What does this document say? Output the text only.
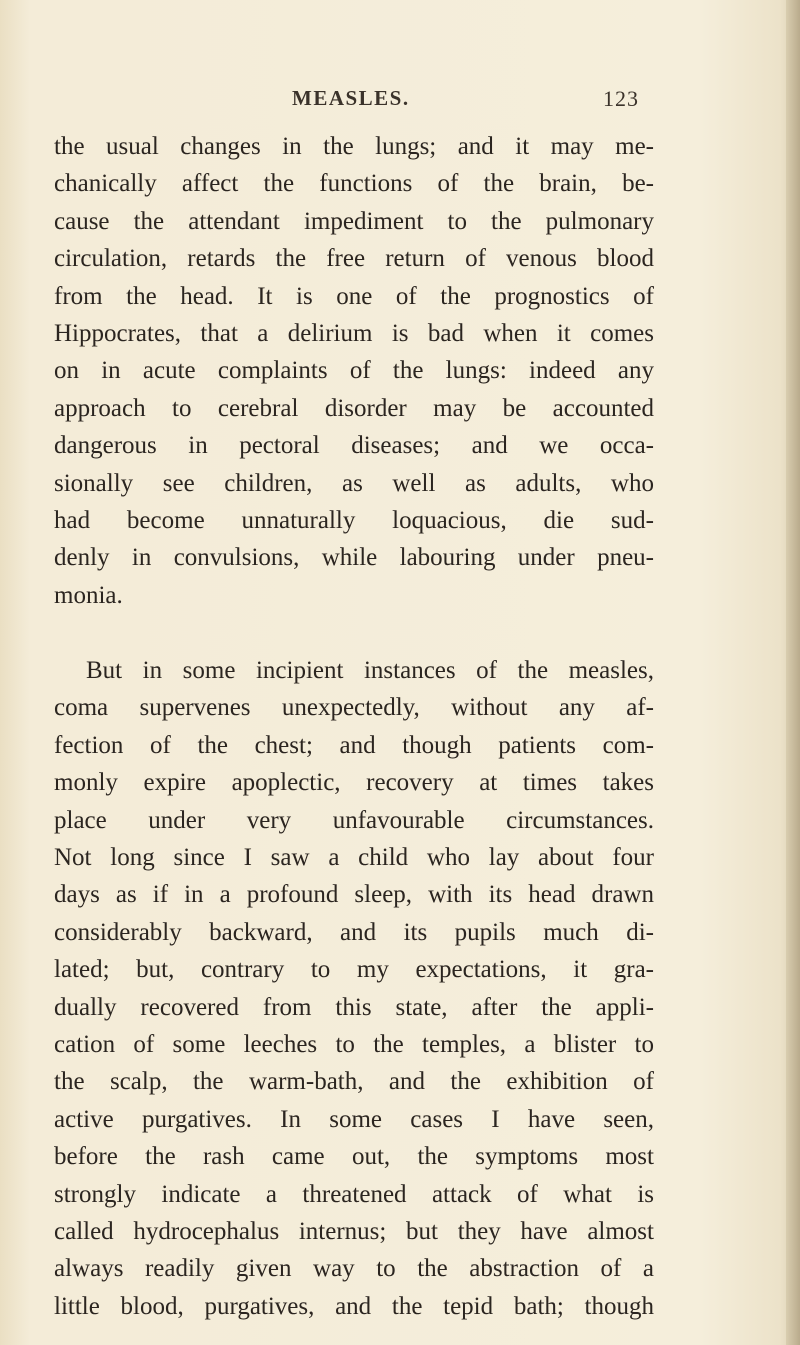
MEASLES.	123
the usual changes in the lungs; and it may me-
chanically affect the functions of the brain, be-
cause the attendant impediment to the pulmonary
circulation, retards the free return of venous blood
from the head. It is one of the prognostics of
Hippocrates, that a delirium is bad when it comes
on in acute complaints of the lungs: indeed any
approach to cerebral disorder may be accounted
dangerous in pectoral diseases; and we occa-
sionally see children, as well as adults, who
had become unnaturally loquacious, die sud-
denly in convulsions, while labouring under pneu-
monia.
But in some incipient instances of the measles,
coma supervenes unexpectedly, without any af-
fection of the chest; and though patients com-
monly expire apoplectic, recovery at times takes
place under very unfavourable circumstances.
Not long since I saw a child who lay about four
days as if in a profound sleep, with its head drawn
considerably backward, and its pupils much di-
lated; but, contrary to my expectations, it gra-
dually recovered from this state, after the appli-
cation of some leeches to the temples, a blister to
the scalp, the warm-bath, and the exhibition of
active purgatives. In some cases I have seen,
before the rash came out, the symptoms most
strongly indicate a threatened attack of what is
called hydrocephalus internus; but they have almost
always readily given way to the abstraction of a
little blood, purgatives, and the tepid bath; though
